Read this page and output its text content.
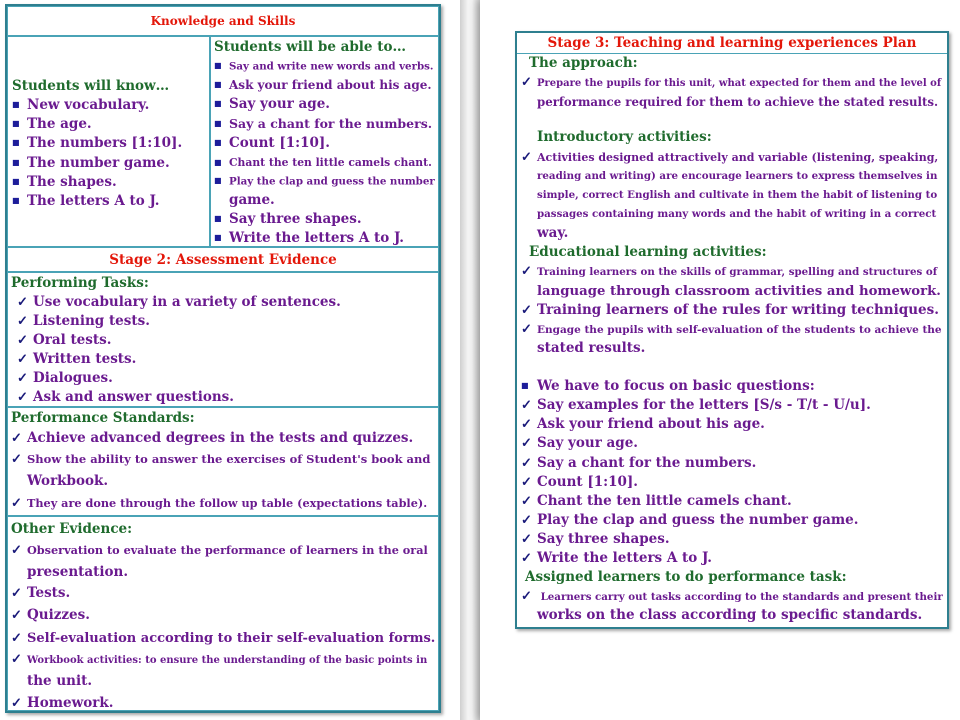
Knowledge and Skills
Students will know…
■ New vocabulary.
■ The age.
■ The numbers [1:10].
■ The number game.
■ The shapes.
■ The letters A to J.
Students will be able to…
■ Say and write new words and verbs.
■ Ask your friend about his age.
■ Say your age.
■ Say a chant for the numbers.
■ Count [1:10].
■ Chant the ten little camels chant.
■ Play the clap and guess the number
game.
■ Say three shapes.
■ Write the letters A to J.
Stage 2: Assessment Evidence
Performing Tasks:
✓ Use vocabulary in a variety of sentences.
✓ Listening tests.
✓ Oral tests.
✓ Written tests.
✓ Dialogues.
✓ Ask and answer questions.
Performance Standards:
✓ Achieve advanced degrees in the tests and quizzes.
✓ Show the ability to answer the exercises of Student's book and
Workbook.
✓ They are done through the follow up table (expectations table).
Other Evidence:
✓ Observation to evaluate the performance of learners in the oral
presentation.
✓ Tests.
✓ Quizzes.
✓ Self-evaluation according to their self-evaluation forms.
✓ Workbook activities: to ensure the understanding of the basic points in
the unit.
✓ Homework.
Stage 3: Teaching and learning experiences Plan
The approach:
✓ Prepare the pupils for this unit, what expected for them and the level of
performance required for them to achieve the stated results.
Introductory activities:
✓ Activities designed attractively and variable (listening, speaking,
reading and writing) are encourage learners to express themselves in
simple, correct English and cultivate in them the habit of listening to
passages containing many words and the habit of writing in a correct
way.
Educational learning activities:
✓ Training learners on the skills of grammar, spelling and structures of
language through classroom activities and homework.
✓ Training learners of the rules for writing techniques.
✓ Engage the pupils with self-evaluation of the students to achieve the
stated results.
■ We have to focus on basic questions:
✓ Say examples for the letters [S/s - T/t - U/u].
✓ Ask your friend about his age.
✓ Say your age.
✓ Say a chant for the numbers.
✓ Count [1:10].
✓ Chant the ten little camels chant.
✓ Play the clap and guess the number game.
✓ Say three shapes.
✓ Write the letters A to J.
Assigned learners to do performance task:
✓ Learners carry out tasks according to the standards and present their
works on the class according to specific standards.
